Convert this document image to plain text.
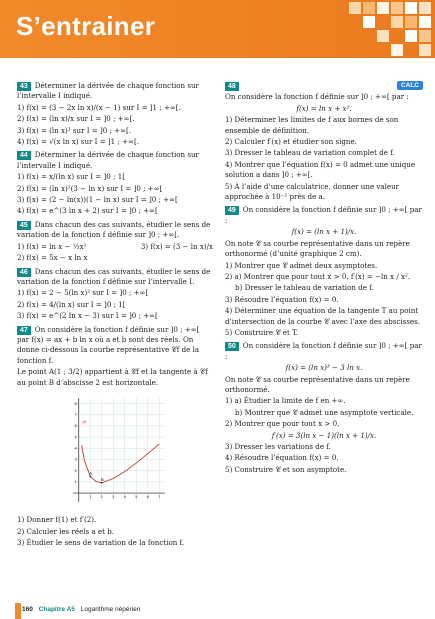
S’entrainer

43 Déterminer la dérivée de chaque fonction sur l’intervalle I indiqué.

1) f(x) = (3 − 2x ln x)/(x − 1) sur I = ]1 ; +∞[.

2) f(x) = (ln x)/x sur I = ]0 ; +∞[.

3) f(x) = (ln x)³ sur I = ]0 ; +∞[.

4) f(x) = √(x ln x) sur I = ]1 ; +∞[.

44 Déterminer la dérivée de chaque fonction sur l’intervalle I indiqué.

1) f(x) = x/(ln x) sur I = ]0 ; 1[

2) f(x) = (ln x)²(3 − ln x) sur I = ]0 ; +∞[

3) f(x) = (2 − ln(x))(1 − ln x) sur I = ]0 ; +∞[

4) f(x) = e^(3 ln x + 2) sur I = ]0 ; +∞[

45 Dans chacun des cas suivants, étudier le sens de variation de la fonction f définie sur ]0 ; +∞[.

1) f(x) = ln x − ½x²	3) f(x) = (3 − ln x)/x

2) f(x) = 5x − x ln x

46 Dans chacun des cas suivants, étudier le sens de variation de la fonction f définie sur l’intervalle I.

1) f(x) = 2 − 5(ln x)² sur I = ]0 ; +∞[

2) f(x) = 4/(ln x) sur I = ]0 ; 1[

3) f(x) = e^(2 ln x − 3) sur I = ]0 ; +∞[

47 On considère la fonction f définie sur ]0 ; +∞[ par f(x) = ax + b ln x où a et b sont des réels. On donne ci-dessous la courbe représentative 𝒞f de la fonction f.

Le point A(1 ; 3/2) appartient à 𝒞f et la tangente à 𝒞f au point B d’abscisse 2 est horizontale.

1	2	3	4	5	6	7
1
2
3
4
5
6
7
8
𝒞f
A
B

1) Donner f(1) et f′(2).

2) Calculer les réels a et b.

3) Étudier le sens de variation de la fonction f.

CALC

48

On considère la fonction f définie sur ]0 ; +∞[ par :

f(x) = ln x + x².

1) Déterminer les limites de f aux bornes de son ensemble de définition.

2) Calculer f′(x) et étudier son signe.

3) Dresser le tableau de variation complet de f.

4) Montrer que l’équation f(x) = 0 admet une unique solution a dans ]0 ; +∞[.

5) À l’aide d’une calculatrice, donner une valeur approchée à 10⁻² près de a.

49 On considère la fonction f définie sur ]0 ; +∞[ par :

f(x) = (ln x + 1)/x.

On note 𝒞 sa courbe représentative dans un repère orthonormé (d’unité graphique 2 cm).

1) Montrer que 𝒞 admet deux asymptotes.

2) a) Montrer que pour tout x > 0, f′(x) = −ln x / x².

b) Dresser le tableau de variation de f.

3) Résoudre l’équation f(x) = 0.

4) Déterminer une équation de la tangente T au point d’intersection de la courbe 𝒞 avec l’axe des abscisses.

5) Construire 𝒞 et T.

50 On considère la fonction f définie sur ]0 ; +∞[ par :

f(x) = (ln x)³ − 3 ln x.

On note 𝒞 sa courbe représentative dans un repère orthonormé.

1) a) Étudier la limite de f en +∞.

b) Montrer que 𝒞 admet une asymptote verticale.

2) Montrer que pour tout x > 0,

f′(x) = 3(ln x − 1)(ln x + 1)/x.

3) Dresser les variations de f.

4) Résoudre l’équation f(x) = 0.

5) Construire 𝒞 et son asymptote.

160 Chapitre A5 Logarithme népérien
